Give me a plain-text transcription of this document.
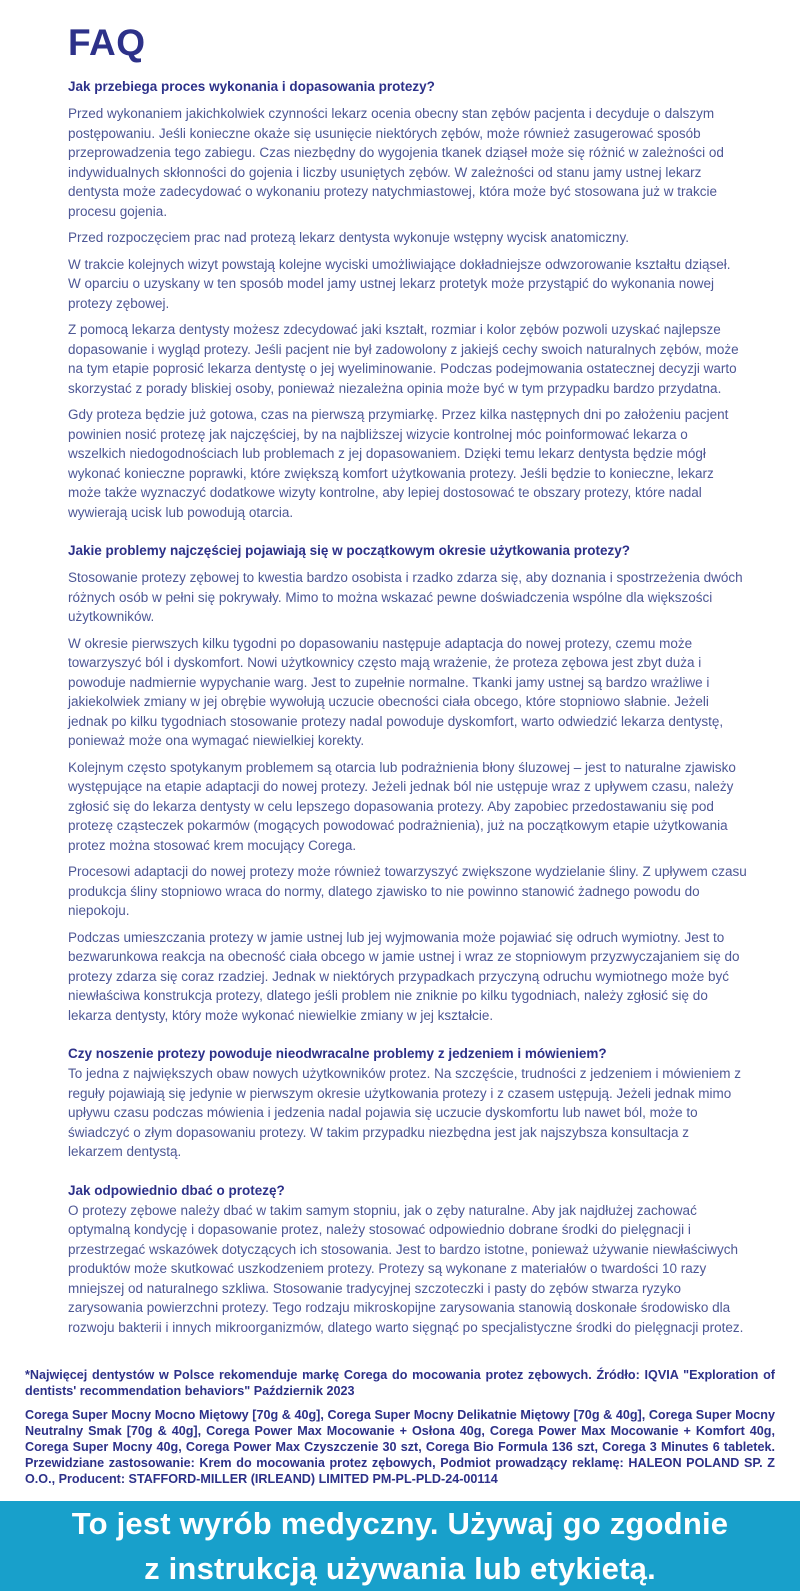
FAQ
Jak przebiega proces wykonania i dopasowania protezy?

Przed wykonaniem jakichkolwiek czynności lekarz ocenia obecny stan zębów pacjenta i decyduje o dalszym postępowaniu. Jeśli konieczne okaże się usunięcie niektórych zębów, może również zasugerować sposób przeprowadzenia tego zabiegu. Czas niezbędny do wygojenia tkanek dziąseł może się różnić w zależności od indywidualnych skłonności do gojenia i liczby usuniętych zębów. W zależności od stanu jamy ustnej lekarz dentysta może zadecydować o wykonaniu protezy natychmiastowej, która może być stosowana już w trakcie procesu gojenia.

Przed rozpoczęciem prac nad protezą lekarz dentysta wykonuje wstępny wycisk anatomiczny.

W trakcie kolejnych wizyt powstają kolejne wyciski umożliwiające dokładniejsze odwzorowanie kształtu dziąseł. W oparciu o uzyskany w ten sposób model jamy ustnej lekarz protetyk może przystąpić do wykonania nowej protezy zębowej.

Z pomocą lekarza dentysty możesz zdecydować jaki kształt, rozmiar i kolor zębów pozwoli uzyskać najlepsze dopasowanie i wygląd protezy. Jeśli pacjent nie był zadowolony z jakiejś cechy swoich naturalnych zębów, może na tym etapie poprosić lekarza dentystę o jej wyeliminowanie. Podczas podejmowania ostatecznej decyzji warto skorzystać z porady bliskiej osoby, ponieważ niezależna opinia może być w tym przypadku bardzo przydatna.

Gdy proteza będzie już gotowa, czas na pierwszą przymiarkę. Przez kilka następnych dni po założeniu pacjent powinien nosić protezę jak najczęściej, by na najbliższej wizycie kontrolnej móc poinformować lekarza o wszelkich niedogodnościach lub problemach z jej dopasowaniem. Dzięki temu lekarz dentysta będzie mógł wykonać konieczne poprawki, które zwiększą komfort użytkowania protezy. Jeśli będzie to konieczne, lekarz może także wyznaczyć dodatkowe wizyty kontrolne, aby lepiej dostosować te obszary protezy, które nadal wywierają ucisk lub powodują otarcia.

Jakie problemy najczęściej pojawiają się w początkowym okresie użytkowania protezy?

Stosowanie protezy zębowej to kwestia bardzo osobista i rzadko zdarza się, aby doznania i spostrzeżenia dwóch różnych osób w pełni się pokrywały. Mimo to można wskazać pewne doświadczenia wspólne dla większości użytkowników.

W okresie pierwszych kilku tygodni po dopasowaniu następuje adaptacja do nowej protezy, czemu może towarzyszyć ból i dyskomfort. Nowi użytkownicy często mają wrażenie, że proteza zębowa jest zbyt duża i powoduje nadmiernie wypychanie warg. Jest to zupełnie normalne. Tkanki jamy ustnej są bardzo wrażliwe i jakiekolwiek zmiany w jej obrębie wywołują uczucie obecności ciała obcego, które stopniowo słabnie. Jeżeli jednak po kilku tygodniach stosowanie protezy nadal powoduje dyskomfort, warto odwiedzić lekarza dentystę, ponieważ może ona wymagać niewielkiej korekty.

Kolejnym często spotykanym problemem są otarcia lub podrażnienia błony śluzowej – jest to naturalne zjawisko występujące na etapie adaptacji do nowej protezy. Jeżeli jednak ból nie ustępuje wraz z upływem czasu, należy zgłosić się do lekarza dentysty w celu lepszego dopasowania protezy. Aby zapobiec przedostawaniu się pod protezę cząsteczek pokarmów (mogących powodować podrażnienia), już na początkowym etapie użytkowania protez można stosować krem mocujący Corega.

Procesowi adaptacji do nowej protezy może również towarzyszyć zwiększone wydzielanie śliny. Z upływem czasu produkcja śliny stopniowo wraca do normy, dlatego zjawisko to nie powinno stanowić żadnego powodu do niepokoju.

Podczas umieszczania protezy w jamie ustnej lub jej wyjmowania może pojawiać się odruch wymiotny. Jest to bezwarunkowa reakcja na obecność ciała obcego w jamie ustnej i wraz ze stopniowym przyzwyczajaniem się do protezy zdarza się coraz rzadziej. Jednak w niektórych przypadkach przyczyną odruchu wymiotnego może być niewłaściwa konstrukcja protezy, dlatego jeśli problem nie zniknie po kilku tygodniach, należy zgłosić się do lekarza dentysty, który może wykonać niewielkie zmiany w jej kształcie.

Czy noszenie protezy powoduje nieodwracalne problemy z jedzeniem i mówieniem?

To jedna z największych obaw nowych użytkowników protez. Na szczęście, trudności z jedzeniem i mówieniem z reguły pojawiają się jedynie w pierwszym okresie użytkowania protezy i z czasem ustępują. Jeżeli jednak mimo upływu czasu podczas mówienia i jedzenia nadal pojawia się uczucie dyskomfortu lub nawet ból, może to świadczyć o złym dopasowaniu protezy. W takim przypadku niezbędna jest jak najszybsza konsultacja z lekarzem dentystą.

Jak odpowiednio dbać o protezę?

O protezy zębowe należy dbać w takim samym stopniu, jak o zęby naturalne. Aby jak najdłużej zachować optymalną kondycję i dopasowanie protez, należy stosować odpowiednio dobrane środki do pielęgnacji i przestrzegać wskazówek dotyczących ich stosowania. Jest to bardzo istotne, ponieważ używanie niewłaściwych produktów może skutkować uszkodzeniem protezy. Protezy są wykonane z materiałów o twardości 10 razy mniejszej od naturalnego szkliwa. Stosowanie tradycyjnej szczoteczki i pasty do zębów stwarza ryzyko zarysowania powierzchni protezy. Tego rodzaju mikroskopijne zarysowania stanowią doskonałe środowisko dla rozwoju bakterii i innych mikroorganizmów, dlatego warto sięgnąć po specjalistyczne środki do pielęgnacji protez.

*Najwięcej dentystów w Polsce rekomenduje markę Corega do mocowania protez zębowych. Źródło: IQVIA "Exploration of dentists' recommendation behaviors" Październik 2023

Corega Super Mocny Mocno Miętowy [70g & 40g], Corega Super Mocny Delikatnie Miętowy [70g & 40g], Corega Super Mocny Neutralny Smak [70g & 40g], Corega Power Max Mocowanie + Osłona 40g, Corega Power Max Mocowanie + Komfort 40g, Corega Super Mocny 40g, Corega Power Max Czyszczenie 30 szt, Corega Bio Formula 136 szt, Corega 3 Minutes 6 tabletek. Przewidziane zastosowanie: Krem do mocowania protez zębowych, Podmiot prowadzący reklamę: HALEON POLAND SP. Z O.O., Producent: STAFFORD-MILLER (IRLEAND) LIMITED PM-PL-PLD-24-00114

To jest wyrób medyczny. Używaj go zgodnie
z instrukcją używania lub etykietą.
